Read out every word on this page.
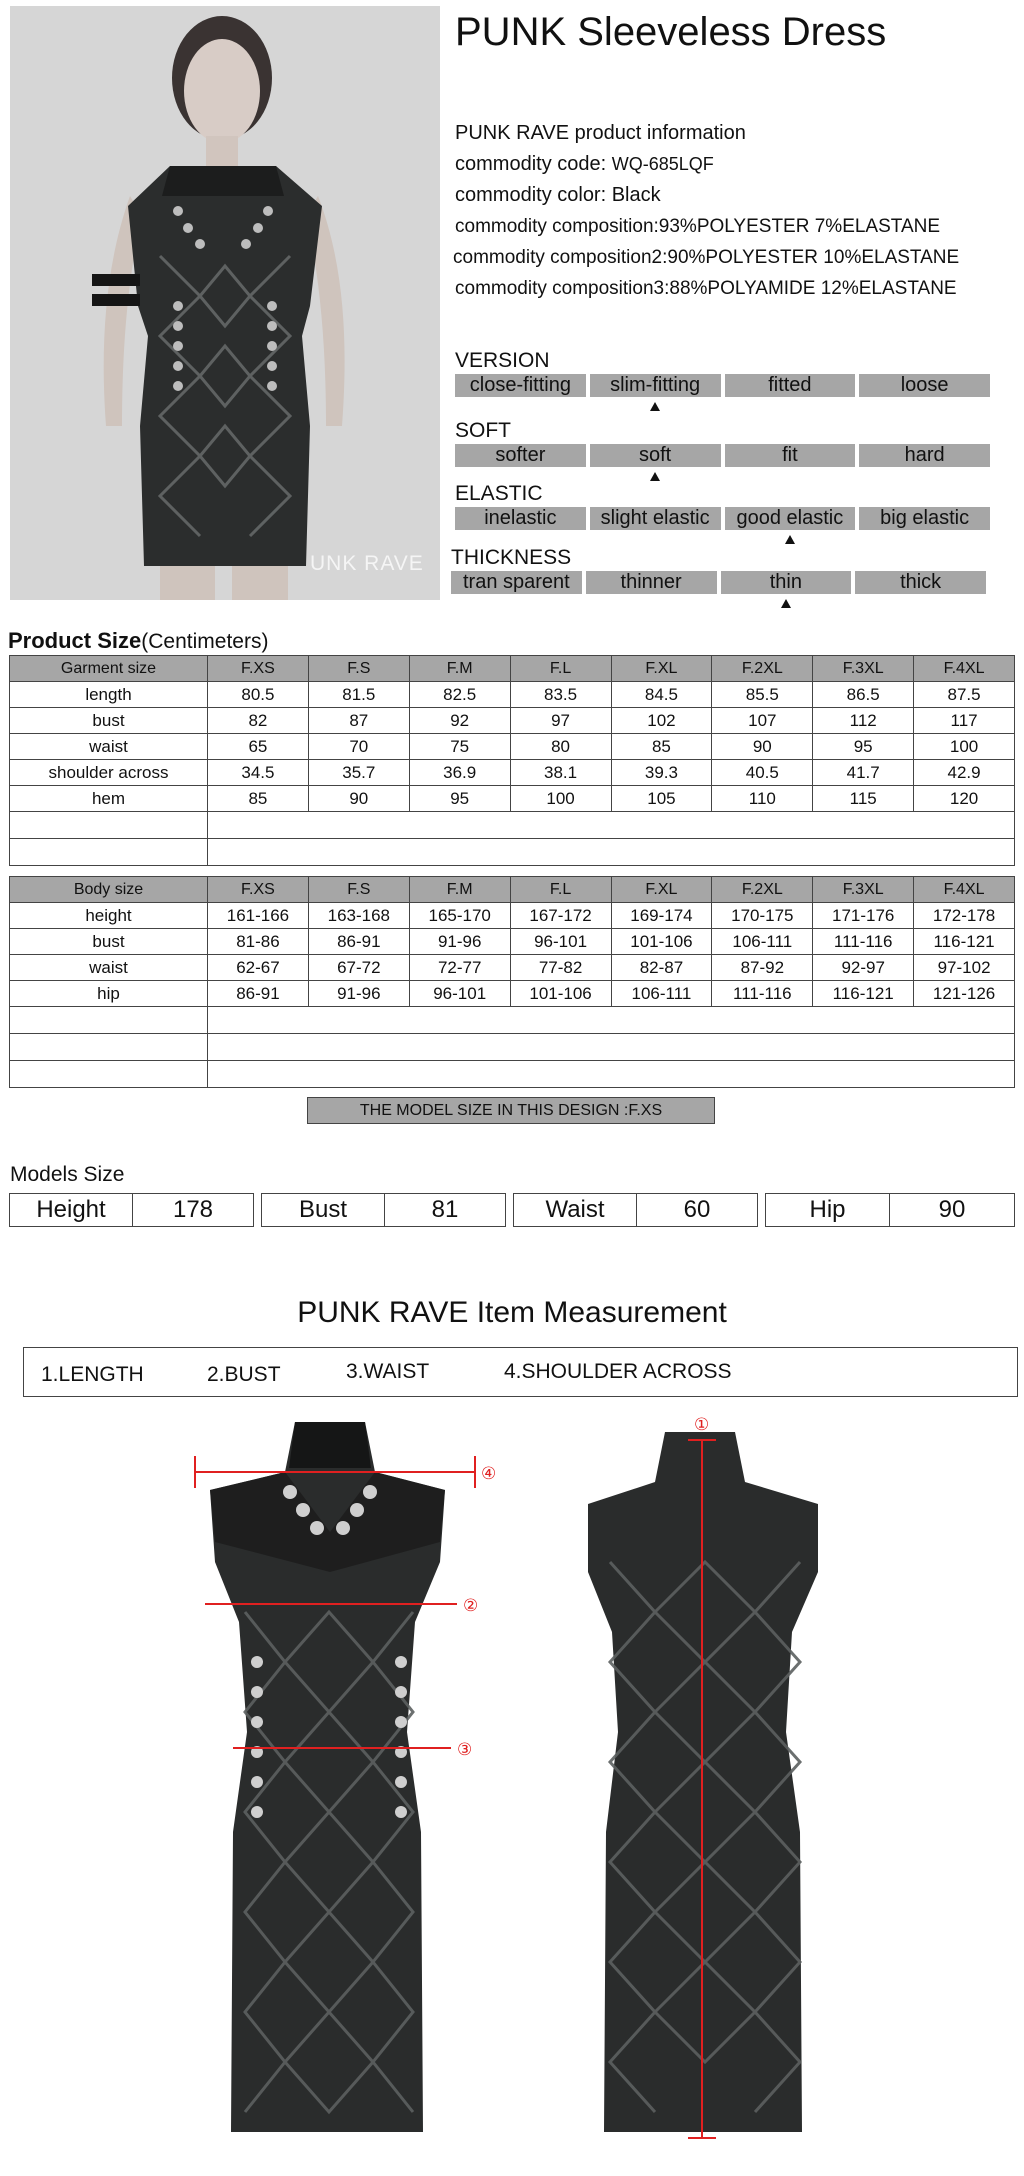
UNK RAVE
PUNK Sleeveless Dress
PUNK RAVE product information
commodity code: WQ-685LQF
commodity color: Black
commodity composition:93%POLYESTER 7%ELASTANE
commodity composition2:90%POLYESTER 10%ELASTANE
commodity composition3:88%POLYAMIDE 12%ELASTANE
VERSION
close-fitting	slim-fitting	fitted	loose
SOFT
softer	soft	fit	hard
ELASTIC
inelastic	slight elastic	good elastic	big elastic
THICKNESS
tran sparent	thinner	thin	thick
Product Size(Centimeters)
Garment size	F.XS	F.S	F.M	F.L	F.XL	F.2XL	F.3XL	F.4XL
length	80.5	81.5	82.5	83.5	84.5	85.5	86.5	87.5
bust	82	87	92	97	102	107	112	117
waist	65	70	75	80	85	90	95	100
shoulder across	34.5	35.7	36.9	38.1	39.3	40.5	41.7	42.9
hem	85	90	95	100	105	110	115	120

Body size	F.XS	F.S	F.M	F.L	F.XL	F.2XL	F.3XL	F.4XL
height	161-166	163-168	165-170	167-172	169-174	170-175	171-176	172-178
bust	81-86	86-91	91-96	96-101	101-106	106-111	111-116	116-121
waist	62-67	67-72	72-77	77-82	82-87	87-92	92-97	97-102
hip	86-91	91-96	96-101	101-106	106-111	111-116	116-121	121-126

THE MODEL SIZE IN THIS DESIGN :F.XS
Models Size
Height	178	Bust	81	Waist	60	Hip	90
PUNK RAVE Item Measurement
1.LENGTH	2.BUST	3.WAIST	4.SHOULDER ACROSS
④
②
③
①
